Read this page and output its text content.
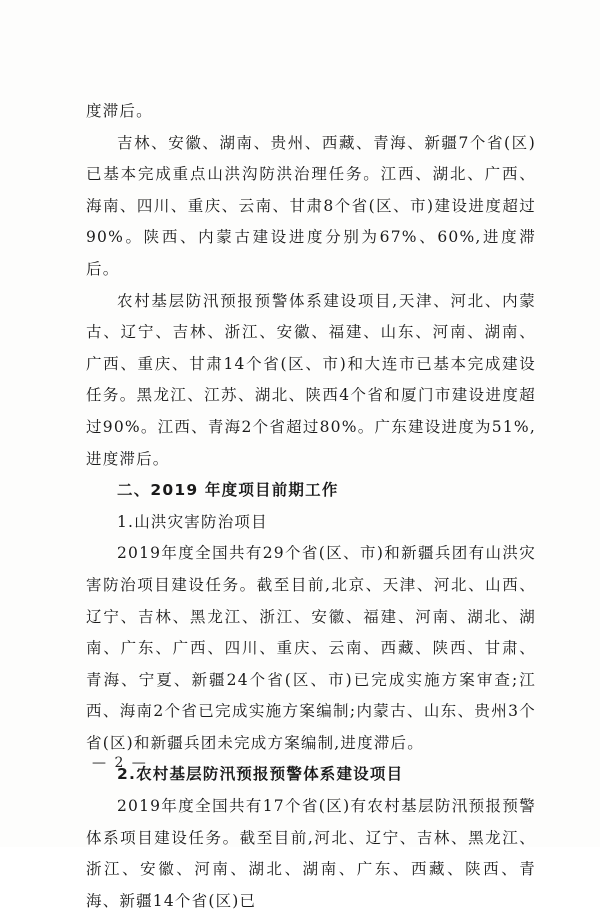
度滞后。

吉林、安徽、湖南、贵州、西藏、青海、新疆7个省(区)已基本完成重点山洪沟防洪治理任务。江西、湖北、广西、海南、四川、重庆、云南、甘肃8个省(区、市)建设进度超过90%。陕西、内蒙古建设进度分别为67%、60%,进度滞后。

农村基层防汛预报预警体系建设项目,天津、河北、内蒙古、辽宁、吉林、浙江、安徽、福建、山东、河南、湖南、广西、重庆、甘肃14个省(区、市)和大连市已基本完成建设任务。黑龙江、江苏、湖北、陕西4个省和厦门市建设进度超过90%。江西、青海2个省超过80%。广东建设进度为51%,进度滞后。

二、2019 年度项目前期工作

1.山洪灾害防治项目

2019年度全国共有29个省(区、市)和新疆兵团有山洪灾害防治项目建设任务。截至目前,北京、天津、河北、山西、辽宁、吉林、黑龙江、浙江、安徽、福建、河南、湖北、湖南、广东、广西、四川、重庆、云南、西藏、陕西、甘肃、青海、宁夏、新疆24个省(区、市)已完成实施方案审查;江西、海南2个省已完成实施方案编制;内蒙古、山东、贵州3个省(区)和新疆兵团未完成方案编制,进度滞后。

2.农村基层防汛预报预警体系建设项目

2019年度全国共有17个省(区)有农村基层防汛预报预警体系项目建设任务。截至目前,河北、辽宁、吉林、黑龙江、浙江、安徽、河南、湖北、湖南、广东、西藏、陕西、青海、新疆14个省(区)已

— 2 —
